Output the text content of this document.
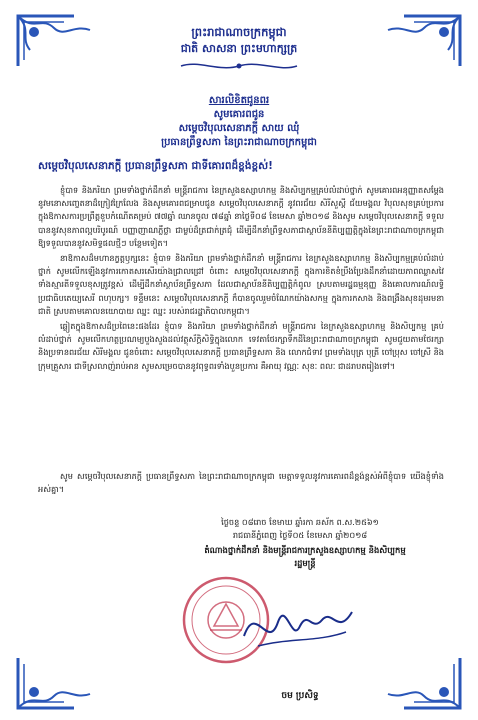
ព្រះរាជាណាចក្រកម្ពុជា
ជាតិ សាសនា ព្រះមហាក្សត្រ
សារលិខិតជូនពរ
សូមគោរពជូន
សម្តេចវិបុលសេនាភក្តី សាយ ឈុំ
ប្រធានព្រឹទ្ធសភា នៃព្រះរាជាណាចក្រកម្ពុជា
សម្តេចវិបុលសេនាភក្តី ប្រធានព្រឹទ្ធសភា ជាទីគោរពដ៏ខ្ពង់ខ្ពស់!

ខ្ញុំបាទ និងភរិយា ព្រមទាំងថ្នាក់ដឹកនាំ មន្ត្រីរាជការ នៃក្រសួងឧស្សាហកម្ម និងសិប្បកម្មគ្រប់លំដាប់ថ្នាក់ សូមគោរពអនុញ្ញាតសម្តែងនូវមនោសញ្ចេតនាដ៏ក្រៀវក្រៃលែង និងសូមគោរពជម្រាបជូន សម្តេចវិបុលសេនាភក្តី នូវពរជ័យ សិរីសួស្តី ជ័យមង្គល វិបុលសុខគ្រប់ប្រការ ក្នុងឱកាសការប្រព្រឹត្តខួបកំណើតគម្រប់ ៧៧ឆ្នាំ ឈានចូល ៧៨ឆ្នាំ នាថ្ងៃទី០៨ ខែមេសា ឆ្នាំ២០១៨ និងសូម សម្តេចវិបុលសេនាភក្តី ទទួលបាននូវសុខភាពល្អបរិបូរណ៍ បញ្ញាញាណភ្លឺថ្លា ជាម្លប់ដ៏ត្រជាក់ត្រជុំ ដើម្បីដឹកនាំព្រឹទ្ធសភាជាស្ថាប័ននីតិប្បញ្ញត្តិក្នុងនៃព្រះរាជាណាចក្រកម្ពុជា ឱ្យទទួលបាននូវសមិទ្ធផលថ្មីៗ បន្ថែមទៀត។

នាឱកាសដ៏មហានក្ខត្តឫក្សនេះ ខ្ញុំបាទ និងភរិយា ព្រមទាំងថ្នាក់ដឹកនាំ មន្ត្រីរាជការ នៃក្រសួងឧស្សាហកម្ម និងសិប្បកម្មគ្រប់លំដាប់ថ្នាក់ សូមលើកឡើងនូវការកោតសរសើរយ៉ាងជ្រាលជ្រៅ ចំពោះ សម្តេចវិបុលសេនាភក្តី ក្នុងការខិតខំប្រឹងប្រែងដឹកនាំដោយភាពឈ្លាសវៃ ទាំងស្មារតីទទួលខុសត្រូវខ្ពស់ ដើម្បីដឹកនាំស្ថាប័នព្រឹទ្ធសភា ដែលជាស្ថាប័ននីតិប្បញ្ញត្តិកំពូល ស្របតាមរដ្ឋធម្មនុញ្ញ និងគោលការណ៍លទ្ធិប្រជាធិបតេយ្យសេរី ពហុបក្ស។ ទន្ទឹមនេះ សម្តេចវិបុលសេនាភក្តី ក៏បានចូលរួមចំណែកយ៉ាងសកម្ម ក្នុងការកសាង និងពង្រឹងសុខដុមរមនាជាតិ ស្របតាមគោលនយោបាយ ឈ្នះ ឈ្នះ របស់រាជរដ្ឋាភិបាលកម្ពុជា។

ឆ្លៀតក្នុងឱកាសដ៏ប្រពៃនេះផងដែរ ខ្ញុំបាទ និងភរិយា ព្រមទាំងថ្នាក់ដឹកនាំ មន្ត្រីរាជការ នៃក្រសួងឧស្សាហកម្ម និងសិប្បកម្ម គ្រប់លំដាប់ថ្នាក់ សូមលើកហត្ថប្រណម្យបួងសួងដល់វត្ថុស័ក្តិសិទ្ធិក្នុងលោក ទេវតាថែរក្សាទឹកដីនៃព្រះរាជាណាចក្រកម្ពុជា សូមជួយតាមថែរក្សា និងប្រទានពរជ័យ សិរីមង្គល ជូនចំពោះ សម្តេចវិបុលសេនាភក្តី ប្រធានព្រឹទ្ធសភា និង លោកជំទាវ ព្រមទាំងបុត្រ បុត្រី ចៅប្រុស ចៅស្រី និងក្រុមគ្រួសារ ជាទីស្រលាញ់រាប់អាន សូមសម្រេចបាននូវពុទ្ធពរទាំងបួនប្រការ គឺអាយុ វណ្ណៈ សុខៈ ពលៈ ជាដរាបតរៀងទៅ។

សូម សម្តេចវិបុលសេនាភក្តី ប្រធានព្រឹទ្ធសភា នៃព្រះរាជាណាចក្រកម្ពុជា មេត្តាទទួលនូវការគោរពដ៏ខ្ពង់ខ្ពស់អំពីខ្ញុំបាទ យើងខ្ញុំទាំងអស់គ្នា។

ថ្ងៃចន្ទ ០៨រោច ខែមាឃ ឆ្នាំរកា ឆស័ក ព.ស.២៥៦១
រាជធានីភ្នំពេញ ថ្ងៃទី០៥ ខែមេសា ឆ្នាំ២០១៨
តំណាងថ្នាក់ដឹកនាំ និងមន្ត្រីរាជការក្រសួងឧស្សាហកម្ម និងសិប្បកម្ម
រដ្ឋមន្ត្រី
ចម ប្រសិទ្ធ
